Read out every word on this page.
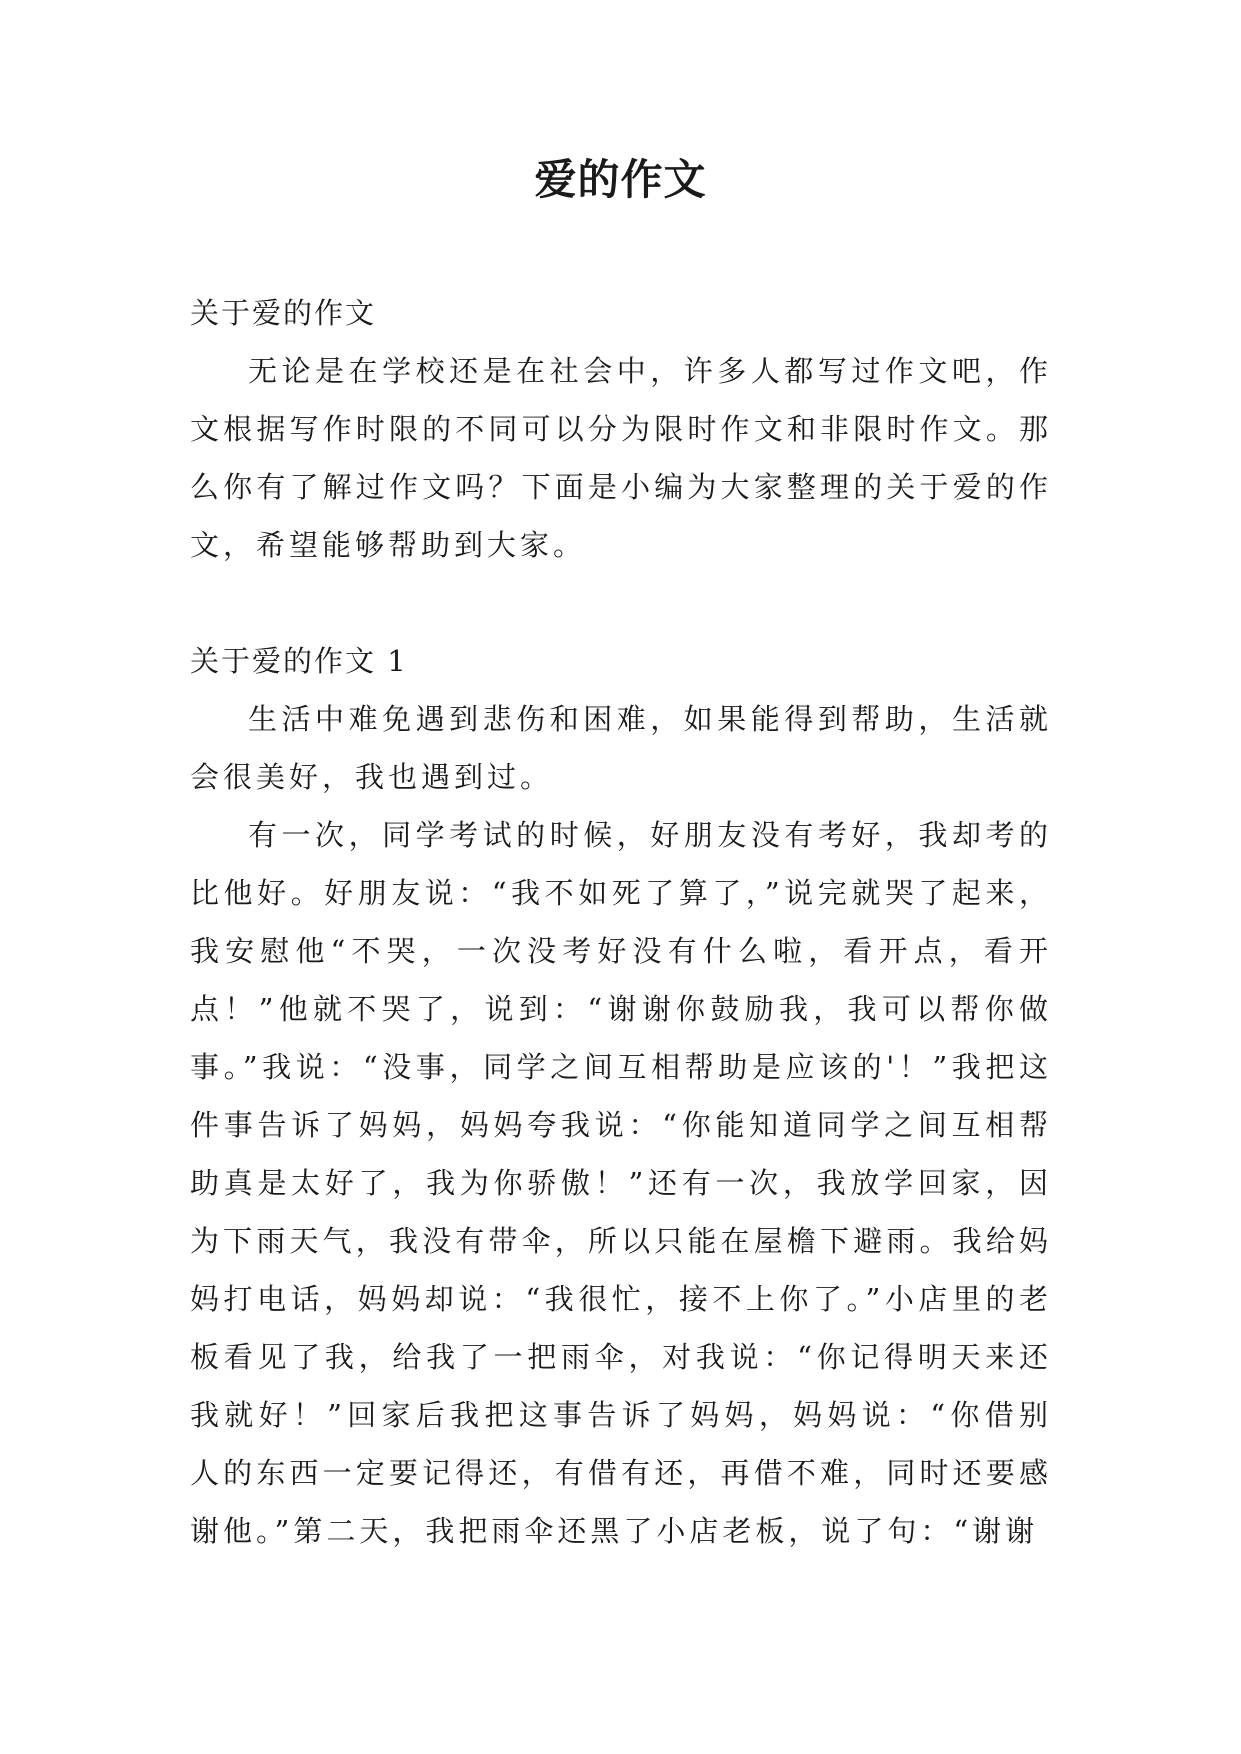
爱的作文

关于爱的作文

无论是在学校还是在社会中，许多人都写过作文吧，作文根据写作时限的不同可以分为限时作文和非限时作文。那么你有了解过作文吗？下面是小编为大家整理的关于爱的作文，希望能够帮助到大家。

关于爱的作文 1

生活中难免遇到悲伤和困难，如果能得到帮助，生活就会很美好，我也遇到过。

有一次，同学考试的时候，好朋友没有考好，我却考的比他好。好朋友说：“我不如死了算了，”说完就哭了起来，我安慰他“不哭，一次没考好没有什么啦，看开点，看开点！”他就不哭了，说到：“谢谢你鼓励我，我可以帮你做事。”我说：“没事，同学之间互相帮助是应该的'！”我把这件事告诉了妈妈，妈妈夸我说：“你能知道同学之间互相帮助真是太好了，我为你骄傲！”还有一次，我放学回家，因为下雨天气，我没有带伞，所以只能在屋檐下避雨。我给妈妈打电话，妈妈却说：“我很忙，接不上你了。”小店里的老板看见了我，给我了一把雨伞，对我说：“你记得明天来还我就好！”回家后我把这事告诉了妈妈，妈妈说：“你借别人的东西一定要记得还，有借有还，再借不难，同时还要感谢他。”第二天，我把雨伞还黑了小店老板，说了句：“谢谢
